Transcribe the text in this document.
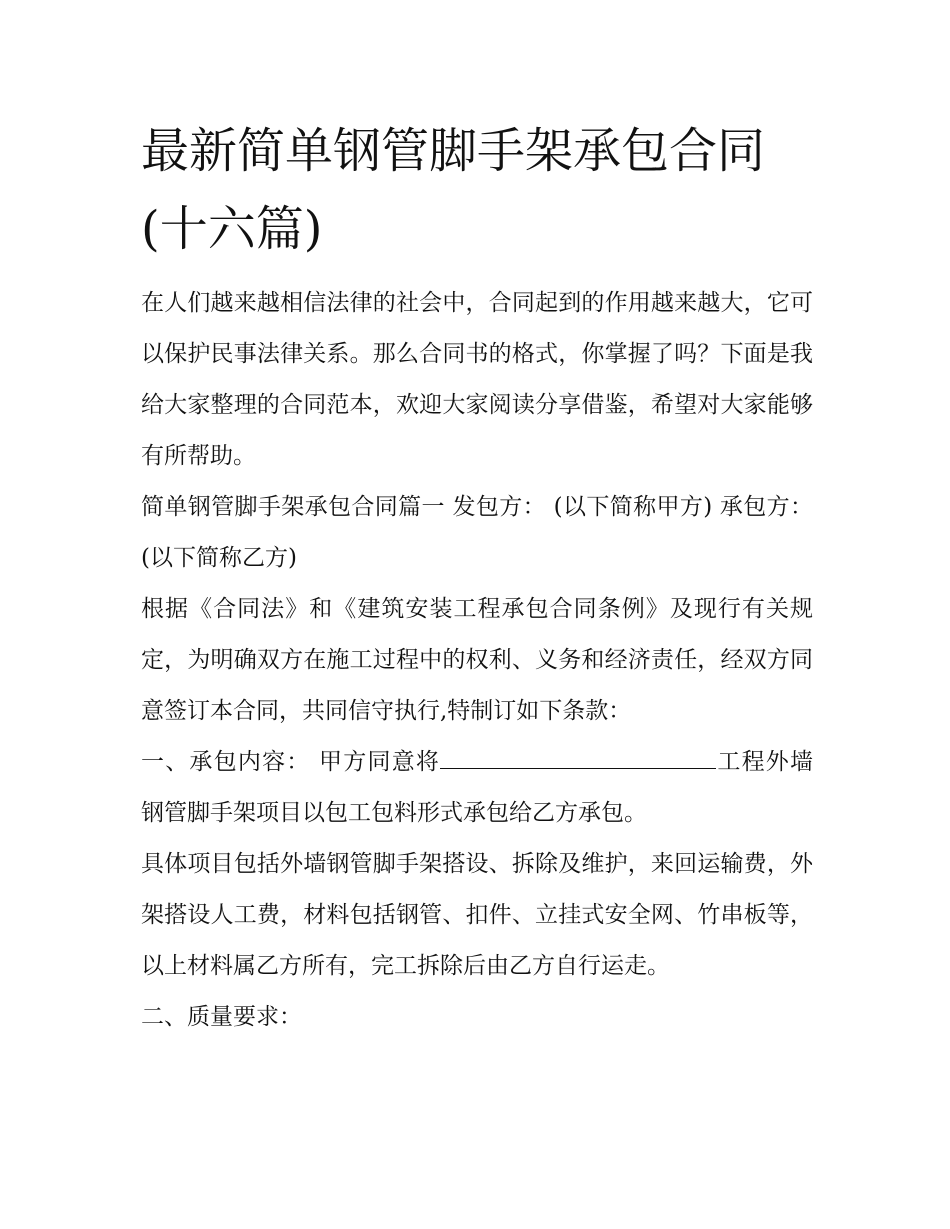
最新简单钢管脚手架承包合同(十六篇)

在人们越来越相信法律的社会中，合同起到的作用越来越大，它可以保护民事法律关系。那么合同书的格式，你掌握了吗？下面是我给大家整理的合同范本，欢迎大家阅读分享借鉴，希望对大家能够有所帮助。

简单钢管脚手架承包合同篇一 发包方： (以下简称甲方) 承包方： (以下简称乙方)

根据《合同法》和《建筑安装工程承包合同条例》及现行有关规定，为明确双方在施工过程中的权利、义务和经济责任，经双方同意签订本合同，共同信守执行,特制订如下条款：

一、承包内容： 甲方同意将	工程外墙钢管脚手架项目以包工包料形式承包给乙方承包。

具体项目包括外墙钢管脚手架搭设、拆除及维护，来回运输费，外架搭设人工费，材料包括钢管、扣件、立挂式安全网、竹串板等，以上材料属乙方所有，完工拆除后由乙方自行运走。

二、质量要求：
